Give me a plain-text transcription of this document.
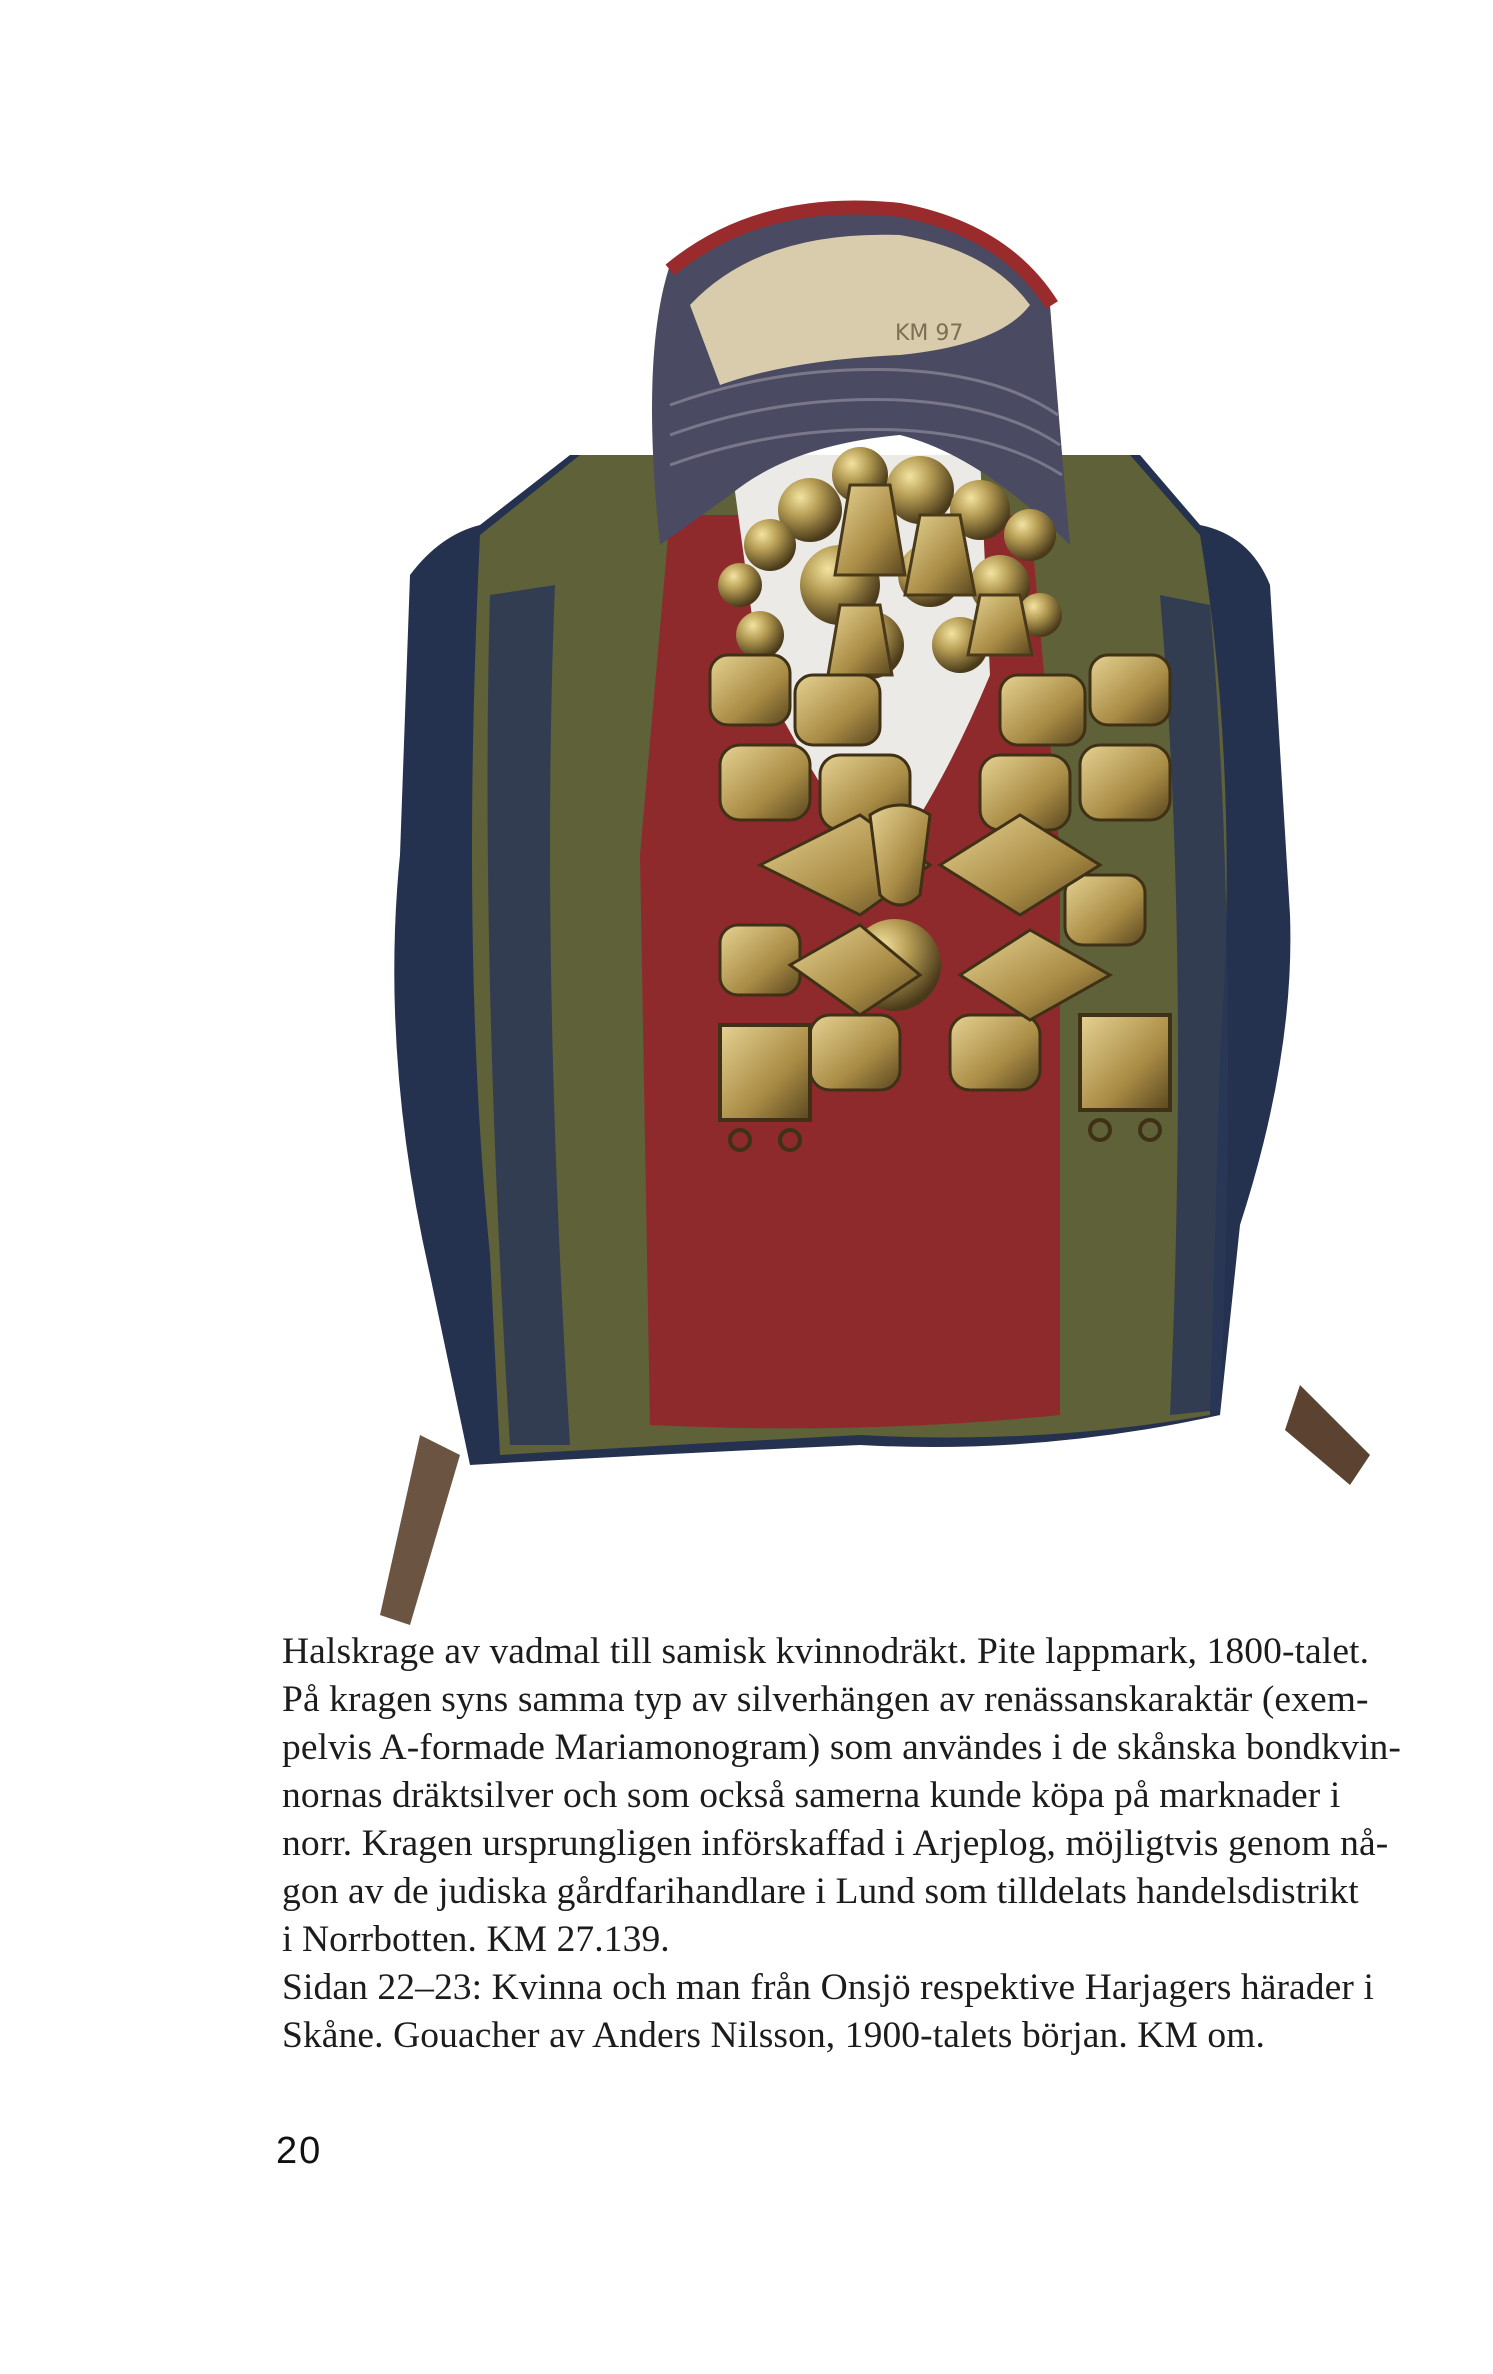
KM 97

Halskrage av vadmal till samisk kvinnodräkt. Pite lappmark, 1800-talet.
På kragen syns samma typ av silverhängen av renässanskaraktär (exem-
pelvis A-formade Mariamonogram) som användes i de skånska bondkvin-
nornas dräktsilver och som också samerna kunde köpa på marknader i
norr. Kragen ursprungligen införskaffad i Arjeplog, möjligtvis genom nå-
gon av de judiska gårdfarihandlare i Lund som tilldelats handelsdistrikt
i Norrbotten. KM 27.139.
Sidan 22–23: Kvinna och man från Onsjö respektive Harjagers härader i
Skåne. Gouacher av Anders Nilsson, 1900-talets början. KM om.

20
